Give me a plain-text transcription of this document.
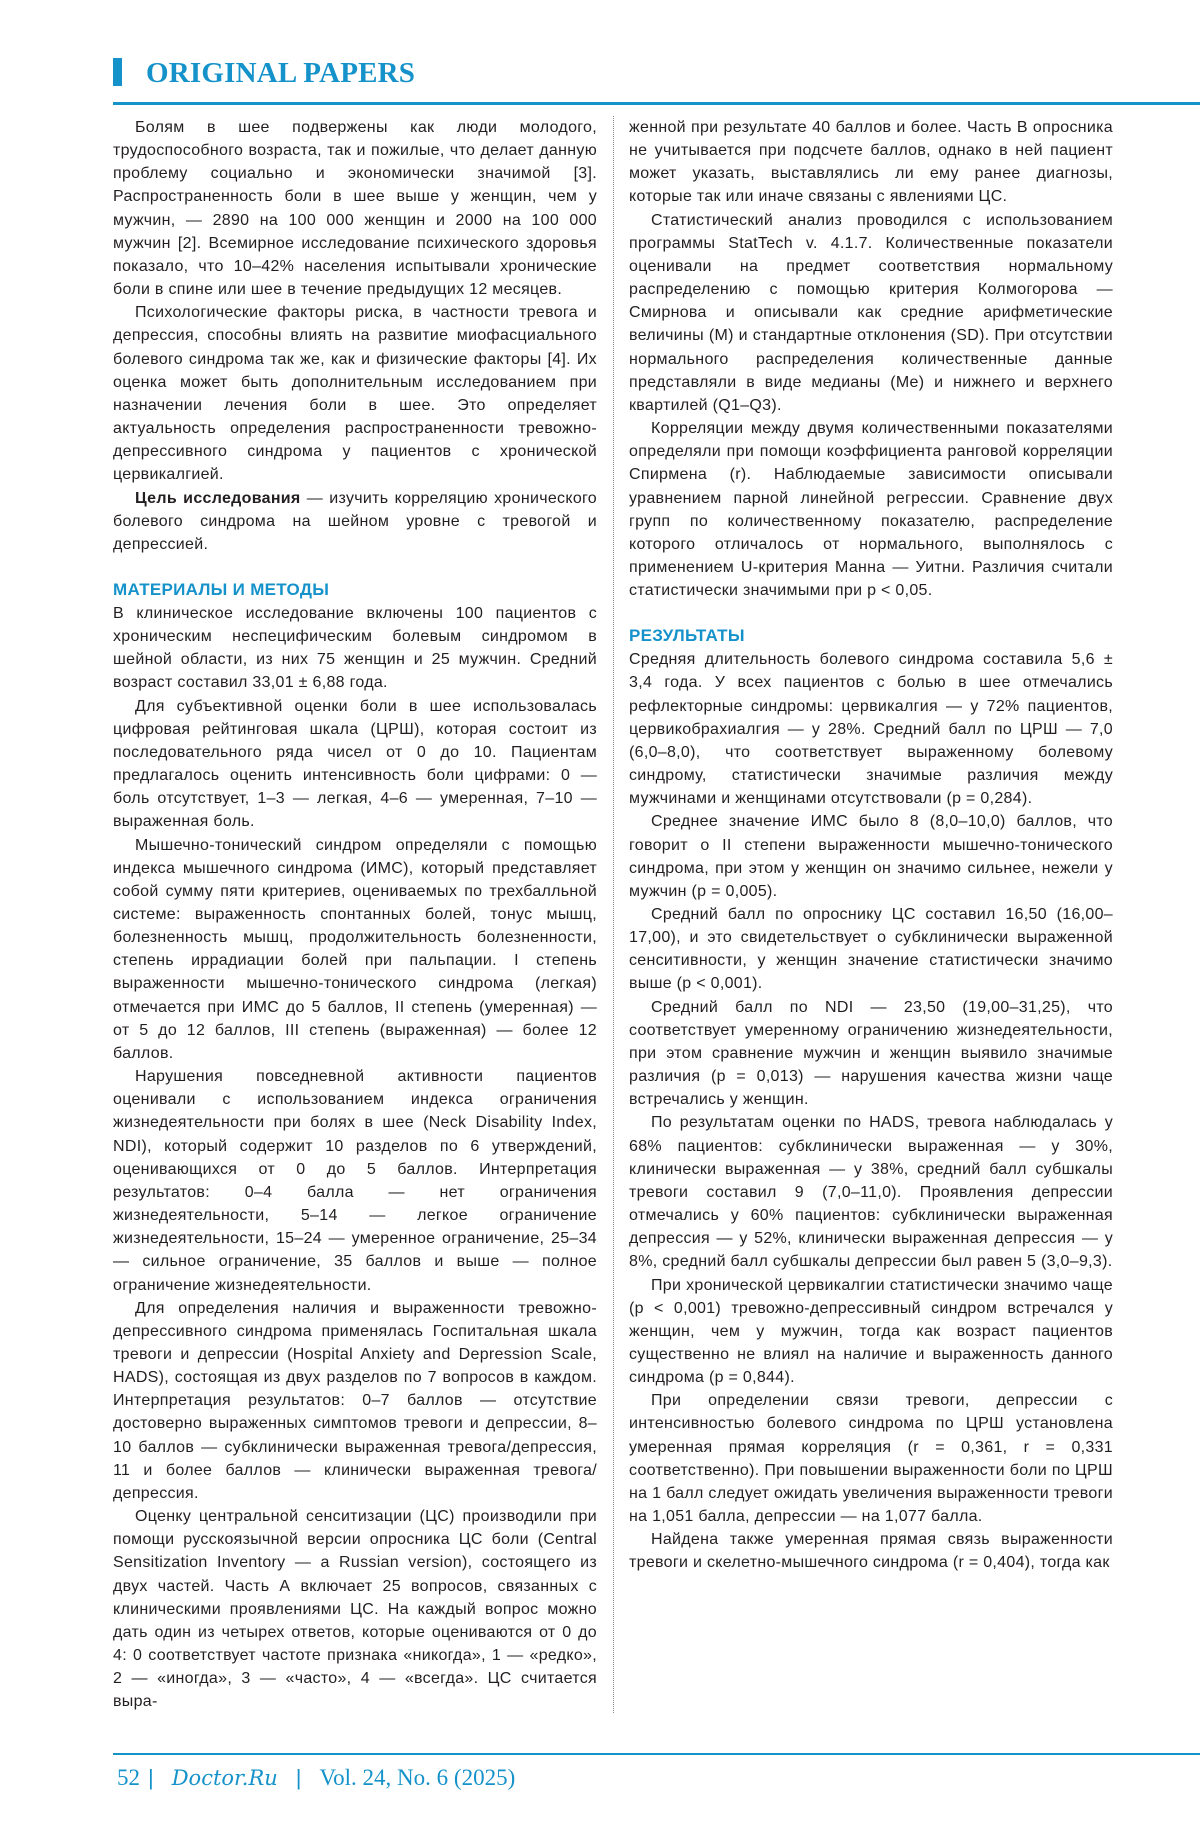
ORIGINAL PAPERS

Болям в шее подвержены как люди молодого, трудоспособного возраста, так и пожилые, что делает данную проблему социально и экономически значимой [3]. Распространенность боли в шее выше у женщин, чем у мужчин, — 2890 на 100 000 женщин и 2000 на 100 000 мужчин [2]. Всемирное исследование психического здоровья показало, что 10–42% населения испытывали хронические боли в спине или шее в течение предыдущих 12 месяцев.

Психологические факторы риска, в частности тревога и депрессия, способны влиять на развитие миофасциального болевого синдрома так же, как и физические факторы [4]. Их оценка может быть дополнительным исследованием при назначении лечения боли в шее. Это определяет актуальность определения распространенности тревожно-депрессивного синдрома у пациентов с хронической цервикалгией.

Цель исследования — изучить корреляцию хронического болевого синдрома на шейном уровне с тревогой и депрессией.

МАТЕРИАЛЫ И МЕТОДЫ

В клиническое исследование включены 100 пациентов с хроническим неспецифическим болевым синдромом в шейной области, из них 75 женщин и 25 мужчин. Средний возраст составил 33,01 ± 6,88 года.

Для субъективной оценки боли в шее использовалась цифровая рейтинговая шкала (ЦРШ), которая состоит из последовательного ряда чисел от 0 до 10. Пациентам предлагалось оценить интенсивность боли цифрами: 0 — боль отсутствует, 1–3 — легкая, 4–6 — умеренная, 7–10 — выраженная боль.

Мышечно-тонический синдром определяли с помощью индекса мышечного синдрома (ИМС), который представляет собой сумму пяти критериев, оцениваемых по трехбалльной системе: выраженность спонтанных болей, тонус мышц, болезненность мышц, продолжительность болезненности, степень иррадиации болей при пальпации. I степень выраженности мышечно-тонического синдрома (легкая) отмечается при ИМС до 5 баллов, II степень (умеренная) — от 5 до 12 баллов, III степень (выраженная) — более 12 баллов.

Нарушения повседневной активности пациентов оценивали с использованием индекса ограничения жизнедеятельности при болях в шее (Neck Disability Index, NDI), который содержит 10 разделов по 6 утверждений, оценивающихся от 0 до 5 баллов. Интерпретация результатов: 0–4 балла — нет ограничения жизнедеятельности, 5–14 — легкое ограничение жизнедеятельности, 15–24 — умеренное ограничение, 25–34 — сильное ограничение, 35 баллов и выше — полное ограничение жизнедеятельности.

Для определения наличия и выраженности тревожно-депрессивного синдрома применялась Госпитальная шкала тревоги и депрессии (Hospital Anxiety and Depression Scale, HADS), состоящая из двух разделов по 7 вопросов в каждом. Интерпретация результатов: 0–7 баллов — отсутствие достоверно выраженных симптомов тревоги и депрессии, 8–10 баллов — субклинически выраженная тревога/депрессия, 11 и более баллов — клинически выраженная тревога/депрессия.

Оценку центральной сенситизации (ЦС) производили при помощи русскоязычной версии опросника ЦС боли (Central Sensitization Inventory — a Russian version), состоящего из двух частей. Часть А включает 25 вопросов, связанных с клиническими проявлениями ЦС. На каждый вопрос можно дать один из четырех ответов, которые оцениваются от 0 до 4: 0 соответствует частоте признака «никогда», 1 — «редко», 2 — «иногда», 3 — «часто», 4 — «всегда». ЦС считается выра-

женной при результате 40 баллов и более. Часть В опросника не учитывается при подсчете баллов, однако в ней пациент может указать, выставлялись ли ему ранее диагнозы, которые так или иначе связаны с явлениями ЦС.

Статистический анализ проводился с использованием программы StatTech v. 4.1.7. Количественные показатели оценивали на предмет соответствия нормальному распределению с помощью критерия Колмогорова — Смирнова и описывали как средние арифметические величины (M) и стандартные отклонения (SD). При отсутствии нормального распределения количественные данные представляли в виде медианы (Me) и нижнего и верхнего квартилей (Q1–Q3).

Корреляции между двумя количественными показателями определяли при помощи коэффициента ранговой корреляции Спирмена (r). Наблюдаемые зависимости описывали уравнением парной линейной регрессии. Сравнение двух групп по количественному показателю, распределение которого отличалось от нормального, выполнялось с применением U-критерия Манна — Уитни. Различия считали статистически значимыми при p < 0,05.

РЕЗУЛЬТАТЫ

Средняя длительность болевого синдрома составила 5,6 ± 3,4 года. У всех пациентов с болью в шее отмечались рефлекторные синдромы: цервикалгия — у 72% пациентов, цервикобрахиалгия — у 28%. Средний балл по ЦРШ — 7,0 (6,0–8,0), что соответствует выраженному болевому синдрому, статистически значимые различия между мужчинами и женщинами отсутствовали (p = 0,284).

Среднее значение ИМС было 8 (8,0–10,0) баллов, что говорит о II степени выраженности мышечно-тонического синдрома, при этом у женщин он значимо сильнее, нежели у мужчин (p = 0,005).

Средний балл по опроснику ЦС составил 16,50 (16,00–17,00), и это свидетельствует о субклинически выраженной сенситивности, у женщин значение статистически значимо выше (p < 0,001).

Средний балл по NDI — 23,50 (19,00–31,25), что соответствует умеренному ограничению жизнедеятельности, при этом сравнение мужчин и женщин выявило значимые различия (p = 0,013) — нарушения качества жизни чаще встречались у женщин.

По результатам оценки по HADS, тревога наблюдалась у 68% пациентов: субклинически выраженная — у 30%, клинически выраженная — у 38%, средний балл субшкалы тревоги составил 9 (7,0–11,0). Проявления депрессии отмечались у 60% пациентов: субклинически выраженная депрессия — у 52%, клинически выраженная депрессия — у 8%, средний балл субшкалы депрессии был равен 5 (3,0–9,3).

При хронической цервикалгии статистически значимо чаще (p < 0,001) тревожно-депрессивный синдром встречался у женщин, чем у мужчин, тогда как возраст пациентов существенно не влиял на наличие и выраженность данного синдрома (p = 0,844).

При определении связи тревоги, депрессии с интенсивностью болевого синдрома по ЦРШ установлена умеренная прямая корреляция (r = 0,361, r = 0,331 соответственно). При повышении выраженности боли по ЦРШ на 1 балл следует ожидать увеличения выраженности тревоги на 1,051 балла, депрессии — на 1,077 балла.

Найдена также умеренная прямая связь выраженности тревоги и скелетно-мышечного синдрома (r = 0,404), тогда как

52 | Doctor.Ru | Vol. 24, No. 6 (2025)
